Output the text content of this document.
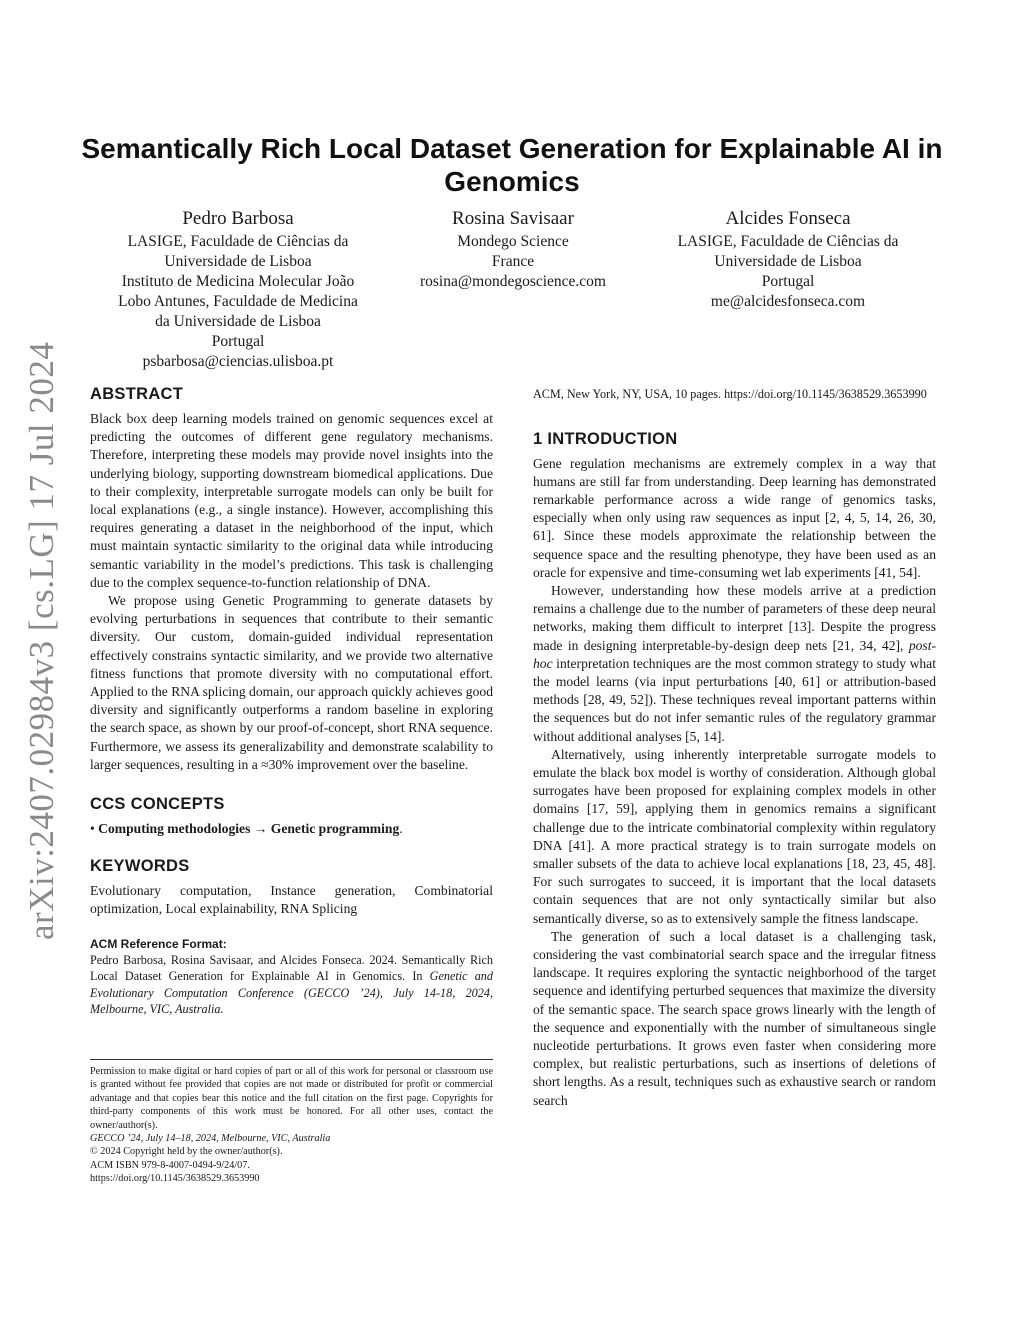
arXiv:2407.02984v3 [cs.LG] 17 Jul 2024
Semantically Rich Local Dataset Generation for Explainable AI in Genomics
Pedro Barbosa
LASIGE, Faculdade de Ciências da
Universidade de Lisboa
Instituto de Medicina Molecular João
Lobo Antunes, Faculdade de Medicina
da Universidade de Lisboa
Portugal
psbarbosa@ciencias.ulisboa.pt
Rosina Savisaar
Mondego Science
France
rosina@mondegoscience.com
Alcides Fonseca
LASIGE, Faculdade de Ciências da
Universidade de Lisboa
Portugal
me@alcidesfonseca.com
ABSTRACT

Black box deep learning models trained on genomic sequences excel at predicting the outcomes of different gene regulatory mechanisms. Therefore, interpreting these models may provide novel insights into the underlying biology, supporting downstream biomedical applications. Due to their complexity, interpretable surrogate models can only be built for local explanations (e.g., a single instance). However, accomplishing this requires generating a dataset in the neighborhood of the input, which must maintain syntactic similarity to the original data while introducing semantic variability in the model’s predictions. This task is challenging due to the complex sequence-to-function relationship of DNA.

We propose using Genetic Programming to generate datasets by evolving perturbations in sequences that contribute to their semantic diversity. Our custom, domain-guided individual representation effectively constrains syntactic similarity, and we provide two alternative fitness functions that promote diversity with no computational effort. Applied to the RNA splicing domain, our approach quickly achieves good diversity and significantly outperforms a random baseline in exploring the search space, as shown by our proof-of-concept, short RNA sequence. Furthermore, we assess its generalizability and demonstrate scalability to larger sequences, resulting in a ≈30% improvement over the baseline.

CCS CONCEPTS

• Computing methodologies → Genetic programming.

KEYWORDS

Evolutionary computation, Instance generation, Combinatorial optimization, Local explainability, RNA Splicing

ACM Reference Format:

Pedro Barbosa, Rosina Savisaar, and Alcides Fonseca. 2024. Semantically Rich Local Dataset Generation for Explainable AI in Genomics. In Genetic and Evolutionary Computation Conference (GECCO ’24), July 14-18, 2024, Melbourne, VIC, Australia.

Permission to make digital or hard copies of part or all of this work for personal or classroom use is granted without fee provided that copies are not made or distributed for profit or commercial advantage and that copies bear this notice and the full citation on the first page. Copyrights for third-party components of this work must be honored. For all other uses, contact the owner/author(s).

GECCO ’24, July 14–18, 2024, Melbourne, VIC, Australia

© 2024 Copyright held by the owner/author(s).

ACM ISBN 979-8-4007-0494-9/24/07.

https://doi.org/10.1145/3638529.3653990

ACM, New York, NY, USA, 10 pages. https://doi.org/10.1145/3638529.3653990

1 INTRODUCTION

Gene regulation mechanisms are extremely complex in a way that humans are still far from understanding. Deep learning has demonstrated remarkable performance across a wide range of genomics tasks, especially when only using raw sequences as input [2, 4, 5, 14, 26, 30, 61]. Since these models approximate the relationship between the sequence space and the resulting phenotype, they have been used as an oracle for expensive and time-consuming wet lab experiments [41, 54].

However, understanding how these models arrive at a prediction remains a challenge due to the number of parameters of these deep neural networks, making them difficult to interpret [13]. Despite the progress made in designing interpretable-by-design deep nets [21, 34, 42], post-hoc interpretation techniques are the most common strategy to study what the model learns (via input perturbations [40, 61] or attribution-based methods [28, 49, 52]). These techniques reveal important patterns within the sequences but do not infer semantic rules of the regulatory grammar without additional analyses [5, 14].

Alternatively, using inherently interpretable surrogate models to emulate the black box model is worthy of consideration. Although global surrogates have been proposed for explaining complex models in other domains [17, 59], applying them in genomics remains a significant challenge due to the intricate combinatorial complexity within regulatory DNA [41]. A more practical strategy is to train surrogate models on smaller subsets of the data to achieve local explanations [18, 23, 45, 48]. For such surrogates to succeed, it is important that the local datasets contain sequences that are not only syntactically similar but also semantically diverse, so as to extensively sample the fitness landscape.

The generation of such a local dataset is a challenging task, considering the vast combinatorial search space and the irregular fitness landscape. It requires exploring the syntactic neighborhood of the target sequence and identifying perturbed sequences that maximize the diversity of the semantic space. The search space grows linearly with the length of the sequence and exponentially with the number of simultaneous single nucleotide perturbations. It grows even faster when considering more complex, but realistic perturbations, such as insertions of deletions of short lengths. As a result, techniques such as exhaustive search or random search
